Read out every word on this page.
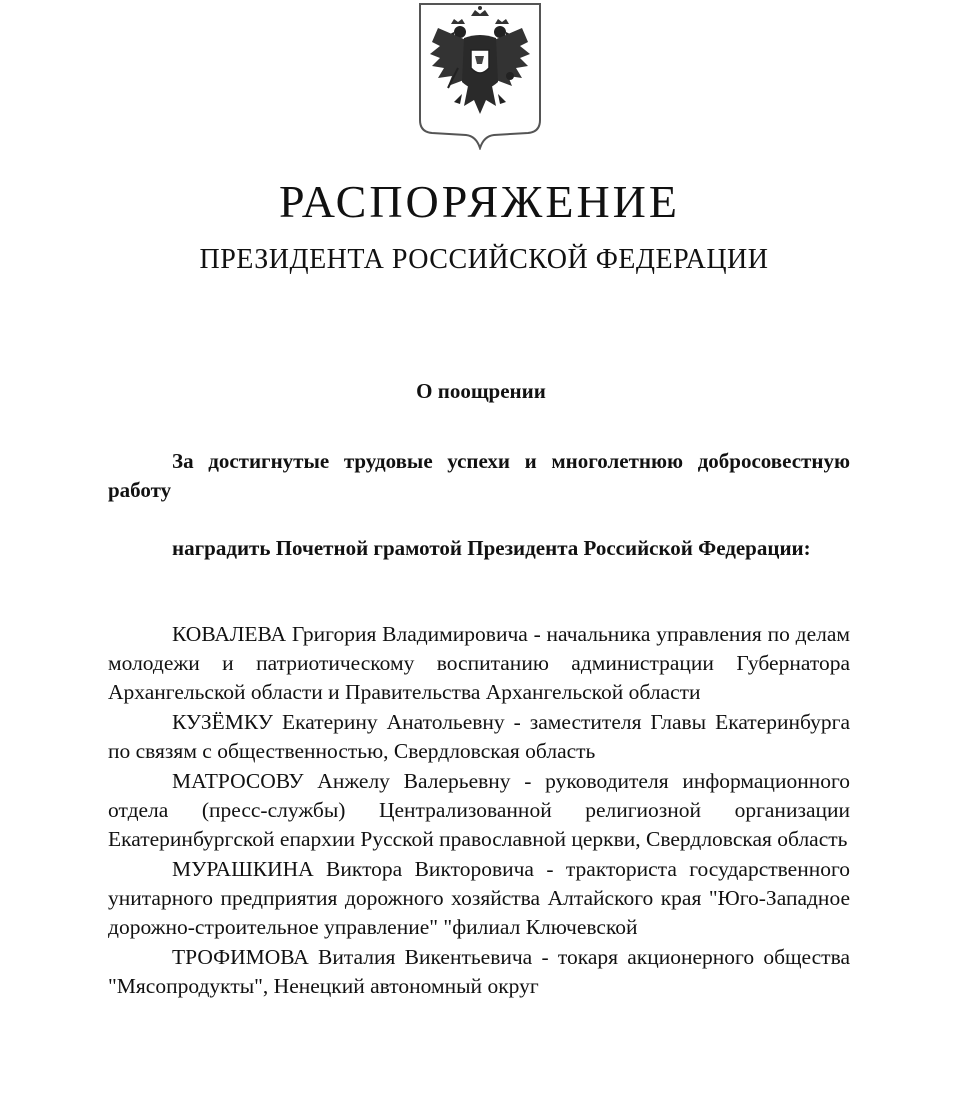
РАСПОРЯЖЕНИЕ
ПРЕЗИДЕНТА РОССИЙСКОЙ ФЕДЕРАЦИИ
О поощрении
За достигнутые трудовые успехи и многолетнюю добросовестную работу
наградить Почетной грамотой Президента Российской Федерации:
КОВАЛЕВА Григория Владимировича - начальника управления по делам молодежи и патриотическому воспитанию администрации Губернатора Архангельской области и Правительства Архангельской области
КУЗЁМКУ Екатерину Анатольевну - заместителя Главы Екатеринбурга по связям с общественностью, Свердловская область
МАТРОСОВУ Анжелу Валерьевну - руководителя информационного отдела (пресс-службы) Централизованной религиозной организации Екатеринбургской епархии Русской православной церкви, Свердловская область
МУРАШКИНА Виктора Викторовича - тракториста государственного унитарного предприятия дорожного хозяйства Алтайского края "Юго-Западное дорожно-строительное управление" "филиал Ключевской
ТРОФИМОВА Виталия Викентьевича - токаря акционерного общества "Мясопродукты", Ненецкий автономный округ
